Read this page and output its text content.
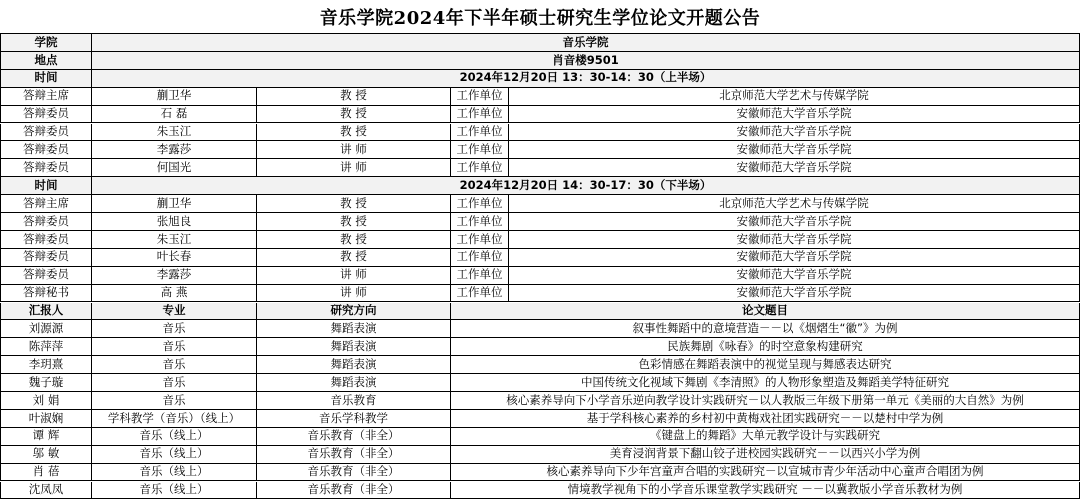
音乐学院2024年下半年硕士研究生学位论文开题公告
学院	音乐学院
地点	肖音楼9501
时间	2024年12月20日 13：30-14：30（上半场）
答辩主席	蒯卫华	教 授	工作单位	北京师范大学艺术与传媒学院
答辩委员	石 磊	教 授	工作单位	安徽师范大学音乐学院
答辩委员	朱玉江	教 授	工作单位	安徽师范大学音乐学院
答辩委员	李露莎	讲 师	工作单位	安徽师范大学音乐学院
答辩委员	何国光	讲 师	工作单位	安徽师范大学音乐学院
时间	2024年12月20日 14：30-17：30（下半场）
答辩主席	蒯卫华	教 授	工作单位	北京师范大学艺术与传媒学院
答辩委员	张旭良	教 授	工作单位	安徽师范大学音乐学院
答辩委员	朱玉江	教 授	工作单位	安徽师范大学音乐学院
答辩委员	叶长春	教 授	工作单位	安徽师范大学音乐学院
答辩委员	李露莎	讲 师	工作单位	安徽师范大学音乐学院
答辩秘书	高 燕	讲 师	工作单位	安徽师范大学音乐学院
汇报人	专业	研究方向	论文题目
刘源源	音乐	舞蹈表演	叙事性舞蹈中的意境营造－－以《烟熠生“徽”》为例
陈萍萍	音乐	舞蹈表演	民族舞剧《咏春》的时空意象构建研究
李玥熹	音乐	舞蹈表演	色彩情感在舞蹈表演中的视觉呈现与舞感表达研究
魏子璇	音乐	舞蹈表演	中国传统文化视域下舞剧《李清照》的人物形象塑造及舞蹈美学特征研究
刘 娟	音乐	音乐教育	核心素养导向下小学音乐逆向教学设计实践研究－以人教版三年级下册第一单元《美丽的大自然》为例
叶淑娴	学科教学（音乐）（线上）	音乐学科教学	基于学科核心素养的乡村初中黄梅戏社团实践研究－－以楚村中学为例
谭 辉	音乐（线上）	音乐教育（非全）	《键盘上的舞蹈》大单元教学设计与实践研究
邬 敏	音乐（线上）	音乐教育（非全）	美育浸润背景下翻山铰子进校园实践研究－－以西兴小学为例
肖 蓓	音乐（线上）	音乐教育（非全）	核心素养导向下少年宫童声合唱的实践研究－以宣城市青少年活动中心童声合唱团为例
沈凤凤	音乐（线上）	音乐教育（非全）	情境教学视角下的小学音乐课堂教学实践研究 －－以冀教版小学音乐教材为例
